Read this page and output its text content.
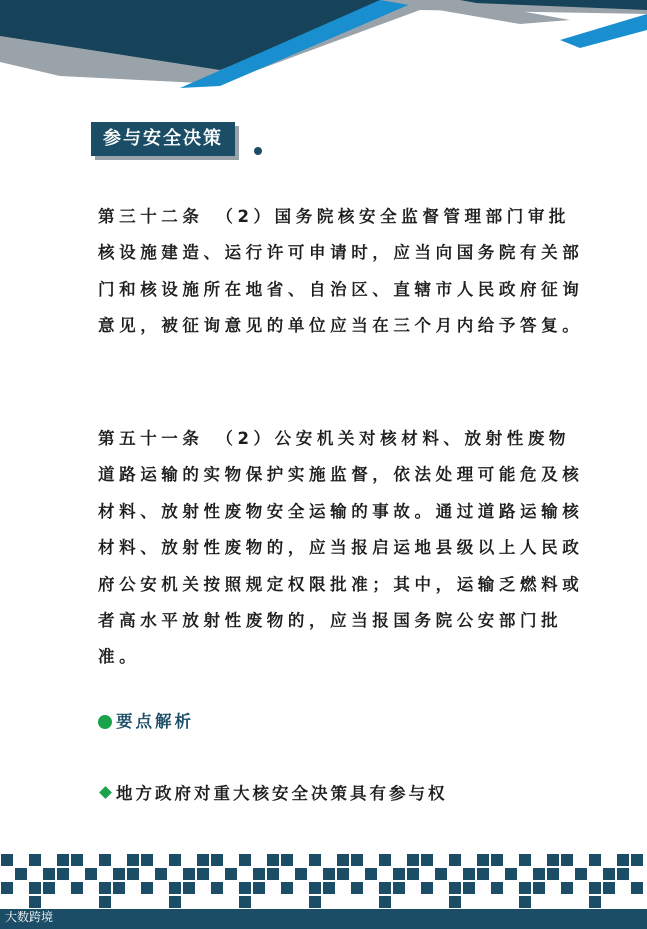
参与安全决策

第三十二条　（2）国务院核安全监督管理部门审批核设施建造、运行许可申请时，应当向国务院有关部门和核设施所在地省、自治区、直辖市人民政府征询意见，被征询意见的单位应当在三个月内给予答复。

第五十一条　（2）公安机关对核材料、放射性废物道路运输的实物保护实施监督，依法处理可能危及核材料、放射性废物安全运输的事故。通过道路运输核材料、放射性废物的，应当报启运地县级以上人民政府公安机关按照规定权限批准；其中，运输乏燃料或者高水平放射性废物的，应当报国务院公安部门批准。

要点解析
地方政府对重大核安全决策具有参与权
大数跨境
